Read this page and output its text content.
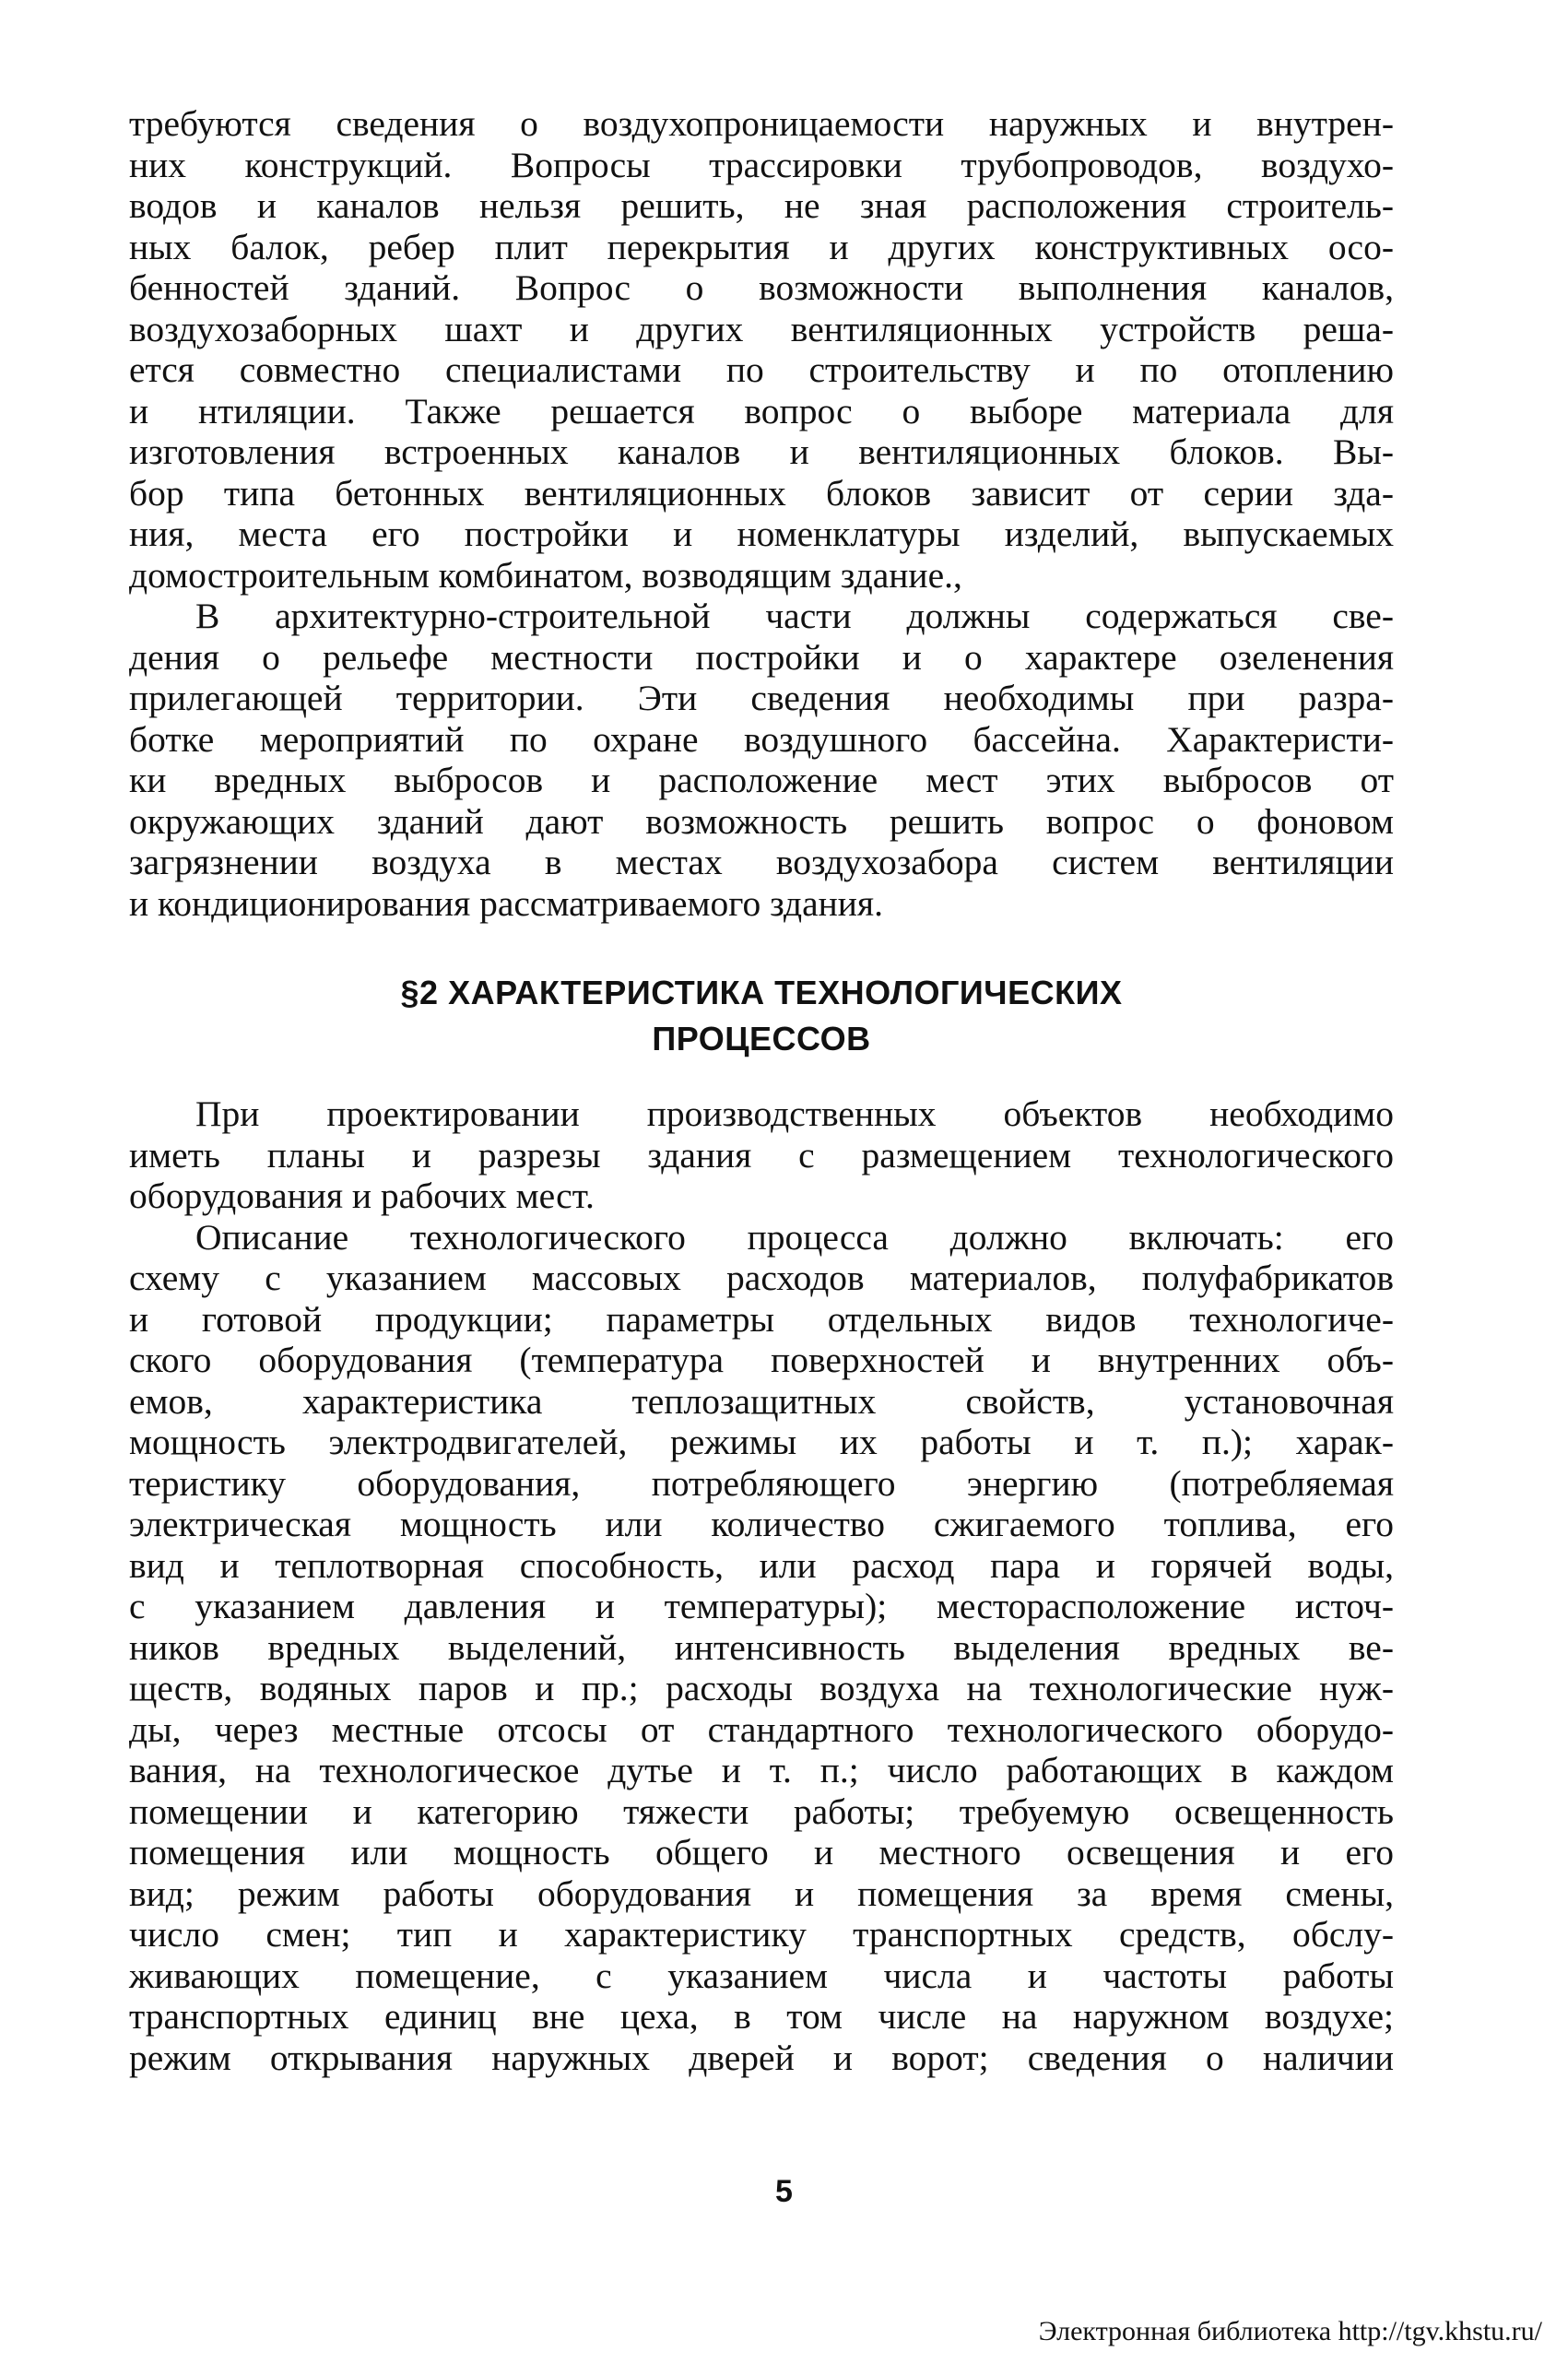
требуются сведения о воздухопроницаемости наружных и внутрен-
них конструкций. Вопросы трассировки трубопроводов, воздухо-
водов и каналов нельзя решить, не зная расположения строитель-
ных балок, ребер плит перекрытия и других конструктивных осо-
бенностей зданий. Вопрос о возможности выполнения каналов,
воздухозаборных шахт и других вентиляционных устройств реша-
ется совместно специалистами по строительству и по отоплению
и нтиляции. Также решается вопрос о выборе материала для
изготовления встроенных каналов и вентиляционных блоков. Вы-
бор типа бетонных вентиляционных блоков зависит от серии зда-
ния, места его постройки и номенклатуры изделий, выпускаемых
домостроительным комбинатом, возводящим здание.,
В архитектурно-строительной части должны содержаться све-
дения о рельефе местности постройки и о характере озеленения
прилегающей территории. Эти сведения необходимы при разра-
ботке мероприятий по охране воздушного бассейна. Характеристи-
ки вредных выбросов и расположение мест этих выбросов от
окружающих зданий дают возможность решить вопрос о фоновом
загрязнении воздуха в местах воздухозабора систем вентиляции
и кондиционирования рассматриваемого здания.
§2 ХАРАКТЕРИСТИКА ТЕХНОЛОГИЧЕСКИХ
ПРОЦЕССОВ
При проектировании производственных объектов необходимо
иметь планы и разрезы здания с размещением технологического
оборудования и рабочих мест.
Описание технологического процесса должно включать: его
схему с указанием массовых расходов материалов, полуфабрикатов
и готовой продукции; параметры отдельных видов технологиче-
ского оборудования (температура поверхностей и внутренних объ-
емов, характеристика теплозащитных свойств, установочная
мощность электродвигателей, режимы их работы и т. п.); харак-
теристику оборудования, потребляющего энергию (потребляемая
электрическая мощность или количество сжигаемого топлива, его
вид и теплотворная способность, или расход пара и горячей воды,
с указанием давления и температуры); месторасположение источ-
ников вредных выделений, интенсивность выделения вредных ве-
ществ, водяных паров и пр.; расходы воздуха на технологические нуж-
ды, через местные отсосы от стандартного технологического оборудо-
вания, на технологическое дутье и т. п.; число работающих в каждом
помещении и категорию тяжести работы; требуемую освещенность
помещения или мощность общего и местного освещения и его
вид; режим работы оборудования и помещения за время смены,
число смен; тип и характеристику транспортных средств, обслу-
живающих помещение, с указанием числа и частоты работы
транспортных единиц вне цеха, в том числе на наружном воздухе;
режим открывания наружных дверей и ворот; сведения о наличии
5
Электронная библиотека http://tgv.khstu.ru/
